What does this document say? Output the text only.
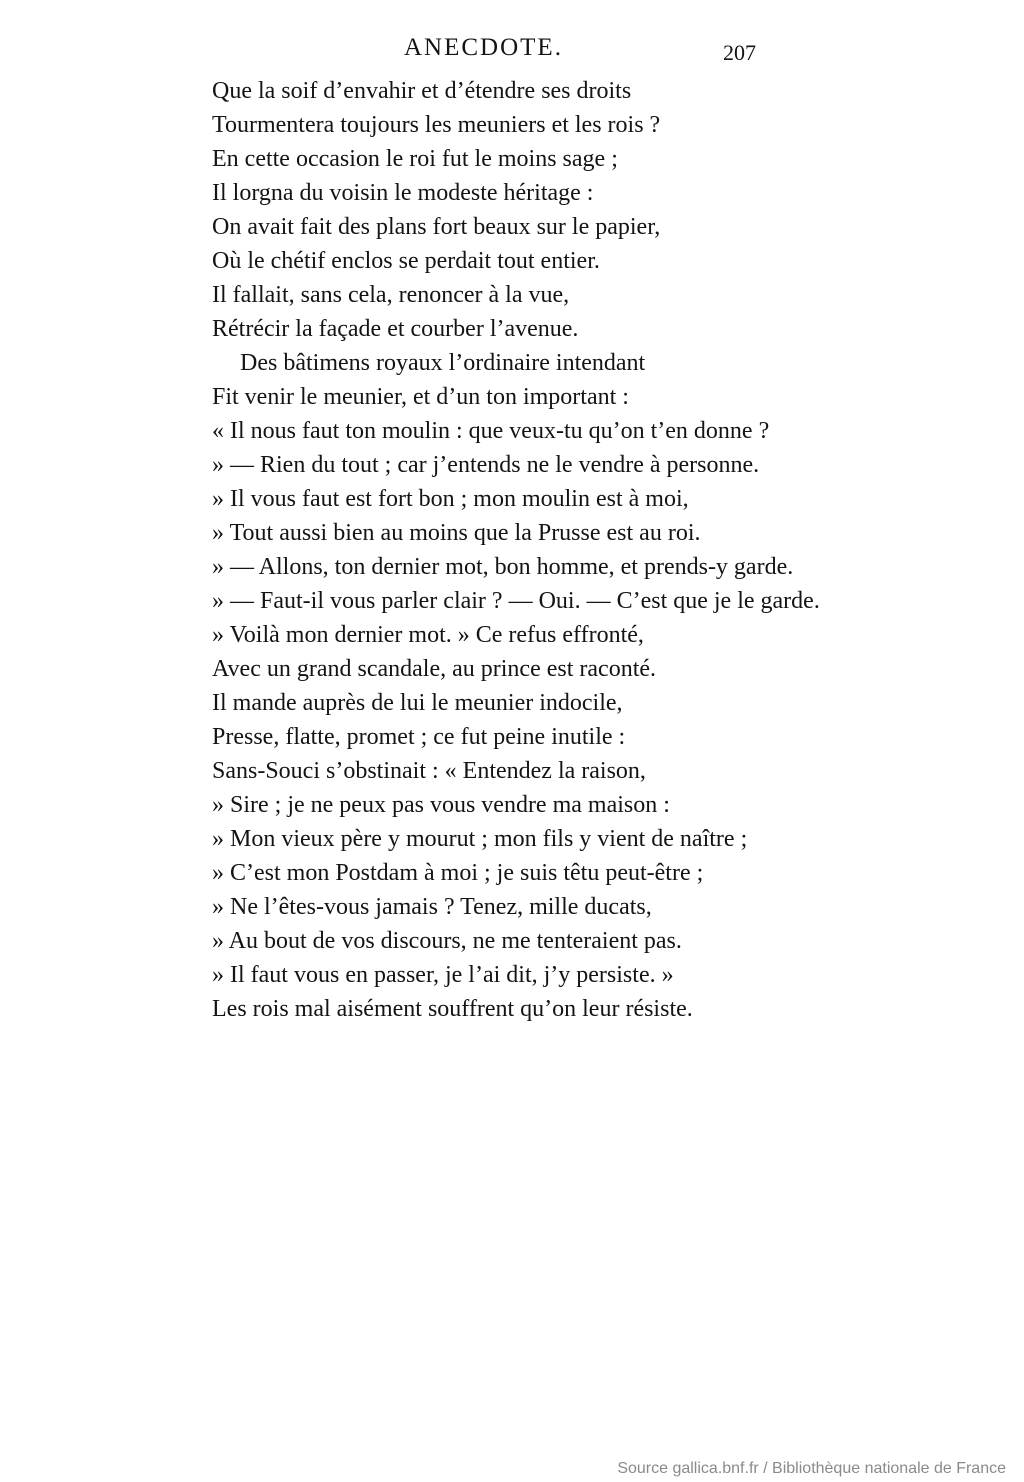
ANECDOTE.	207
Que la soif d’envahir et d’étendre ses droits
Tourmentera toujours les meuniers et les rois ?
En cette occasion le roi fut le moins sage ;
Il lorgna du voisin le modeste héritage :
On avait fait des plans fort beaux sur le papier,
Où le chétif enclos se perdait tout entier.
Il fallait, sans cela, renoncer à la vue,
Rétrécir la façade et courber l’avenue.
Des bâtimens royaux l’ordinaire intendant
Fit venir le meunier, et d’un ton important :
« Il nous faut ton moulin : que veux-tu qu’on t’en donne ?
» — Rien du tout ; car j’entends ne le vendre à personne.
» Il vous faut est fort bon ; mon moulin est à moi,
» Tout aussi bien au moins que la Prusse est au roi.
» — Allons, ton dernier mot, bon homme, et prends-y garde.
» — Faut-il vous parler clair ? — Oui. — C’est que je le garde.
» Voilà mon dernier mot. » Ce refus effronté,
Avec un grand scandale, au prince est raconté.
Il mande auprès de lui le meunier indocile,
Presse, flatte, promet ; ce fut peine inutile :
Sans-Souci s’obstinait : « Entendez la raison,
» Sire ; je ne peux pas vous vendre ma maison :
» Mon vieux père y mourut ; mon fils y vient de naître ;
» C’est mon Postdam à moi ; je suis têtu peut-être ;
» Ne l’êtes-vous jamais ? Tenez, mille ducats,
» Au bout de vos discours, ne me tenteraient pas.
» Il faut vous en passer, je l’ai dit, j’y persiste. »
Les rois mal aisément souffrent qu’on leur résiste.
Source gallica.bnf.fr / Bibliothèque nationale de France
